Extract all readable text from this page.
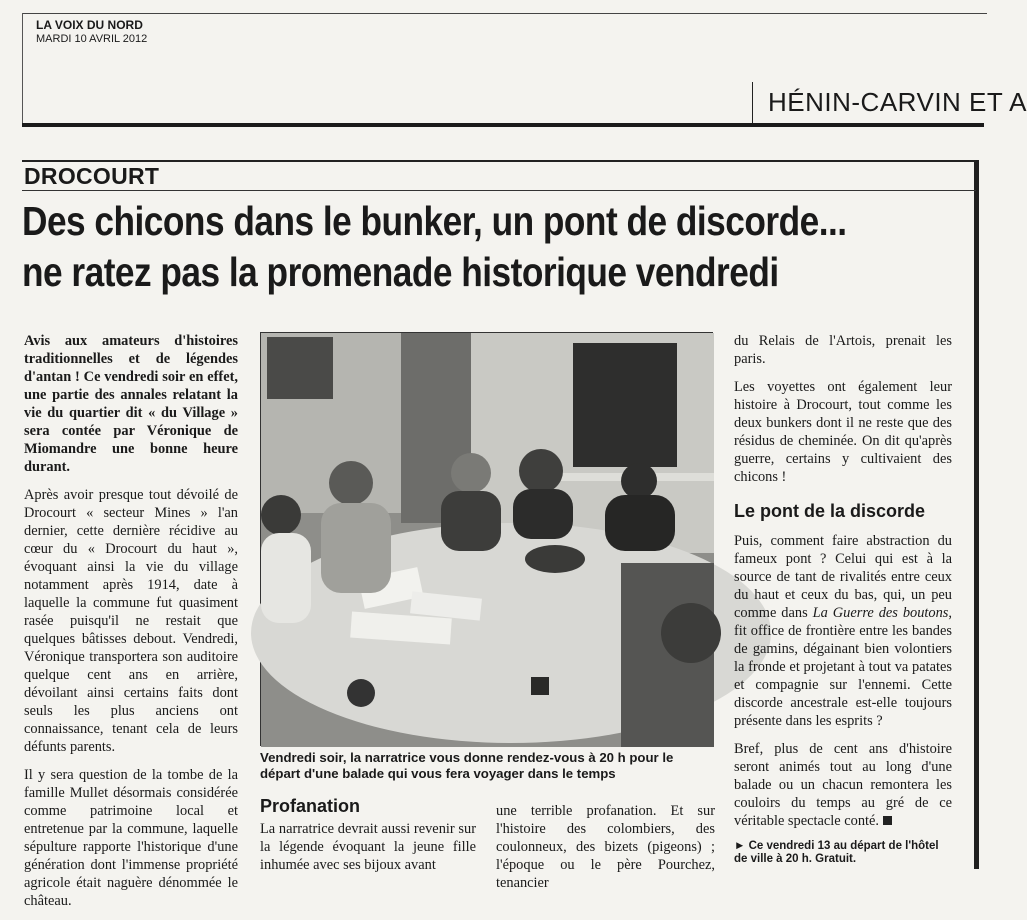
LA VOIX DU NORD
MARDI 10 AVRIL 2012
HÉNIN-CARVIN ET A
DROCOURT
Des chicons dans le bunker, un pont de discorde...
ne ratez pas la promenade historique vendredi

Avis aux amateurs d'histoires traditionnelles et de légendes d'antan ! Ce vendredi soir en effet, une partie des annales relatant la vie du quartier dit « du Village » sera contée par Véronique de Miomandre une bonne heure durant.

Après avoir presque tout dévoilé de Drocourt « secteur Mines » l'an dernier, cette dernière récidive au cœur du « Drocourt du haut », évoquant ainsi la vie du village notamment après 1914, date à laquelle la commune fut quasiment rasée puisqu'il ne restait que quelques bâtisses debout. Vendredi, Véronique transportera son auditoire quelque cent ans en arrière, dévoilant ainsi certains faits dont seuls les plus anciens ont connaissance, tenant cela de leurs défunts parents.

Il y sera question de la tombe de la famille Mullet désormais considérée comme patrimoine local et entretenue par la commune, laquelle sépulture rapporte l'historique d'une génération dont l'immense propriété agricole était naguère dénommée le château.

Vendredi soir, la narratrice vous donne rendez-vous à 20 h pour le départ d'une balade qui vous fera voyager dans le temps
Profanation
La narratrice devrait aussi revenir sur la légende évoquant la jeune fille inhumée avec ses bijoux avant
une terrible profanation. Et sur l'histoire des colombiers, des coulonneux, des bizets (pigeons) ; l'époque ou le père Pourchez, tenancier

du Relais de l'Artois, prenait les paris.

Les voyettes ont également leur histoire à Drocourt, tout comme les deux bunkers dont il ne reste que des résidus de cheminée. On dit qu'après guerre, certains y cultivaient des chicons !

Le pont de la discorde

Puis, comment faire abstraction du fameux pont ? Celui qui est à la source de tant de rivalités entre ceux du haut et ceux du bas, qui, un peu comme dans La Guerre des boutons, fit office de frontière entre les bandes de gamins, dégainant bien volontiers la fronde et projetant à tout va patates et compagnie sur l'ennemi. Cette discorde ancestrale est-elle toujours présente dans les esprits ?

Bref, plus de cent ans d'histoire seront animés tout au long d'une balade ou un chacun remontera les couloirs du temps au gré de ce véritable spectacle conté.

► Ce vendredi 13 au départ de l'hôtel de ville à 20 h. Gratuit.
